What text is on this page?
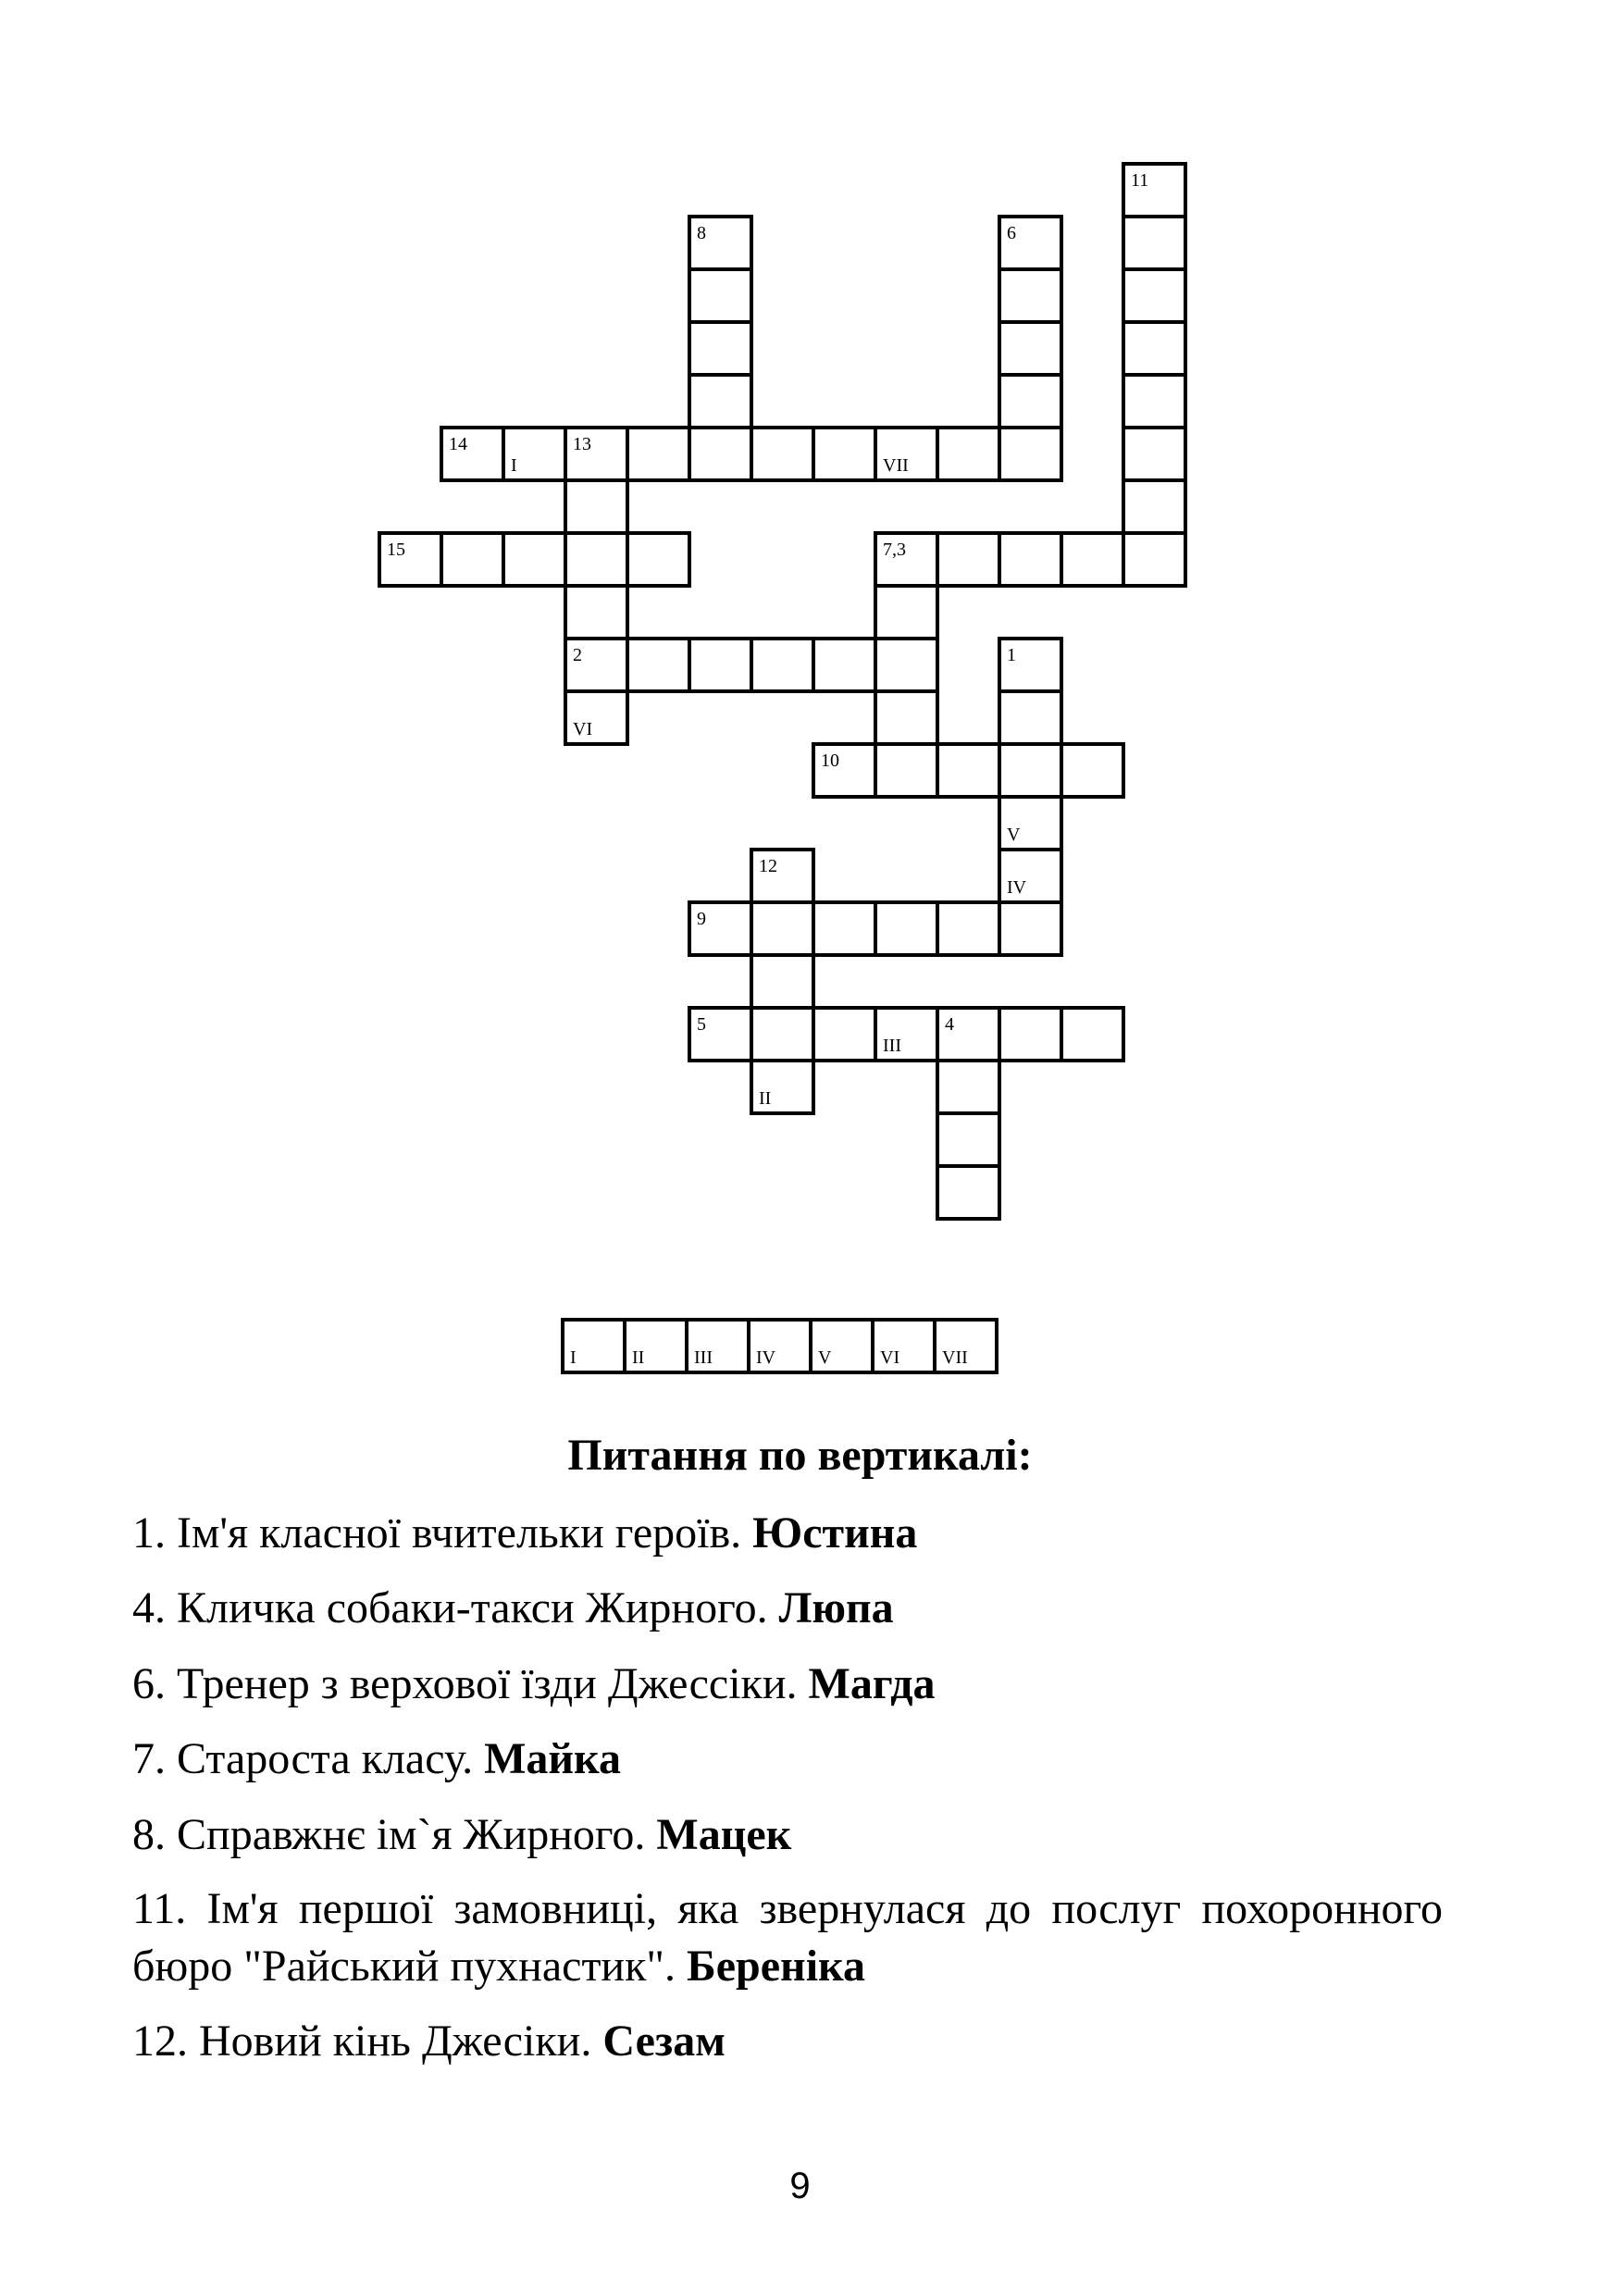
11
8	6
14
I
13
VII
15	7,3
2	1
VI
10
V
12
IV
9
5
III
4
II
I	II	III IV V	VI VII
Питання по вертикалі:
1. Ім'я класної вчительки героїв. Юстина
4. Кличка собаки-такси Жирного. Люпа
6. Тренер з верхової їзди Джессіки. Магда
7. Староста класу. Майка
8. Справжнє ім`я Жирного. Мацек
11. Ім'я першої замовниці, яка звернулася до послуг похоронного бюро "Райський пухнастик". Береніка
12. Новий кінь Джесіки. Сезам
9
